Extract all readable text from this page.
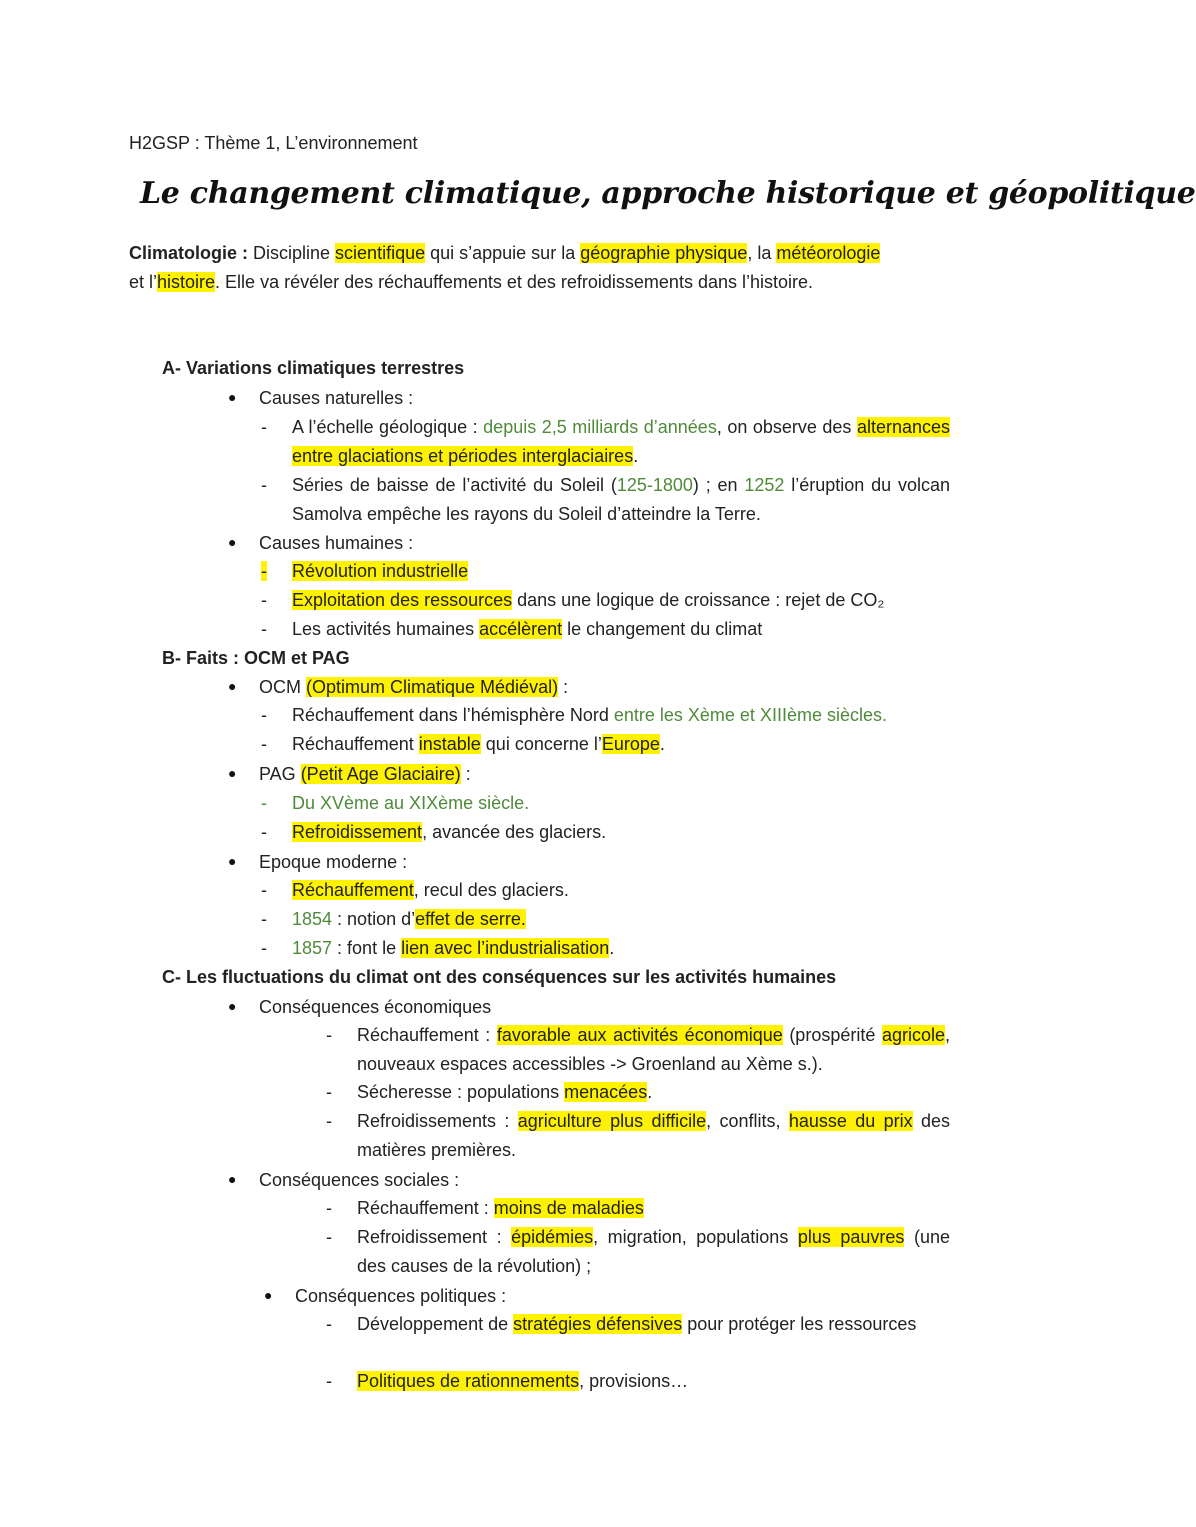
H2GSP : Thème 1, L’environnement
Le changement climatique, approche historique et géopolitique
Climatologie : Discipline scientifique qui s’appuie sur la géographie physique, la météorologie
et l’histoire. Elle va révéler des réchauffements et des refroidissements dans l’histoire.
A- Variations climatiques terrestres
● Causes naturelles :
- A l’échelle géologique : depuis 2,5 milliards d’années, on observe des alternances entre glaciations et périodes interglaciaires.
- Séries de baisse de l’activité du Soleil (125-1800) ; en 1252 l’éruption du volcan Samolva empêche les rayons du Soleil d’atteindre la Terre.
● Causes humaines :
- Révolution industrielle
- Exploitation des ressources dans une logique de croissance : rejet de CO₂
- Les activités humaines accélèrent le changement du climat
B- Faits : OCM et PAG
● OCM (Optimum Climatique Médiéval) :
- Réchauffement dans l’hémisphère Nord entre les Xème et XIIIème siècles.
- Réchauffement instable qui concerne l’Europe.
● PAG (Petit Age Glaciaire) :
- Du XVème au XIXème siècle.
- Refroidissement, avancée des glaciers.
● Epoque moderne :
- Réchauffement, recul des glaciers.
- 1854 : notion d’effet de serre.
- 1857 : font le lien avec l’industrialisation.
C- Les fluctuations du climat ont des conséquences sur les activités humaines
● Conséquences économiques
- Réchauffement : favorable aux activités économique (prospérité agricole, nouveaux espaces accessibles -> Groenland au Xème s.).
- Sécheresse : populations menacées.
- Refroidissements : agriculture plus difficile, conflits, hausse du prix des matières premières.
● Conséquences sociales :
- Réchauffement : moins de maladies
- Refroidissement : épidémies, migration, populations plus pauvres (une des causes de la révolution) ;
● Conséquences politiques :
- Développement de stratégies défensives pour protéger les ressources
- Politiques de rationnements, provisions…
